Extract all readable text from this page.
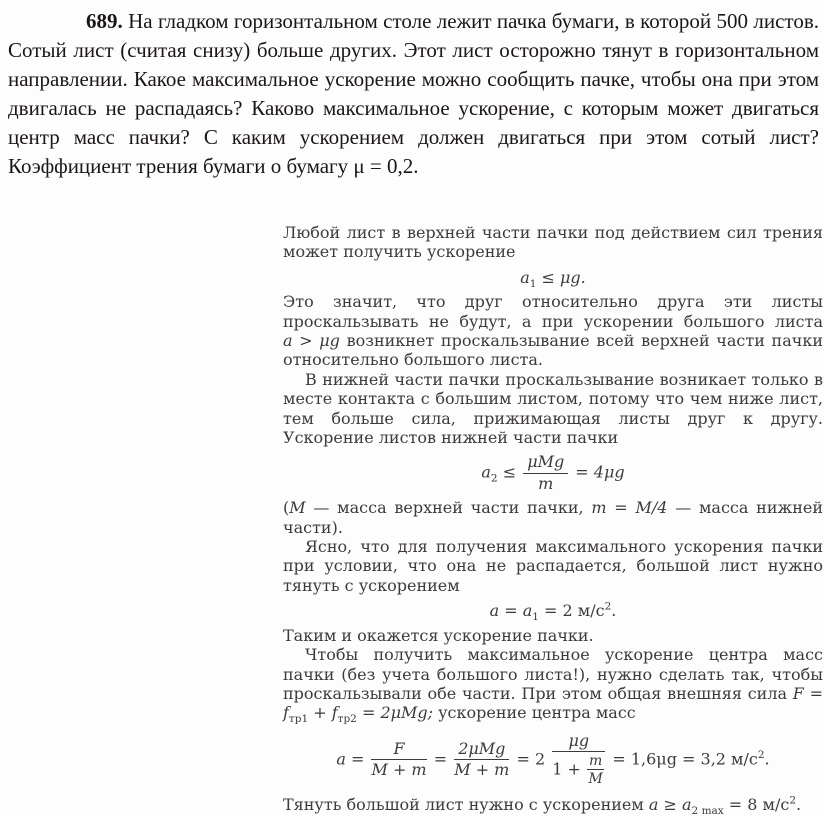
689. На гладком горизонтальном столе лежит пачка бумаги, в которой 500 листов. Сотый лист (считая снизу) больше других. Этот лист осторожно тянут в горизонтальном направлении. Какое максимальное ускорение можно сообщить пачке, чтобы она при этом двигалась не распадаясь? Каково максимальное ускорение, с которым может двигаться центр масс пачки? С каким ускорением должен двигаться при этом сотый лист? Коэффициент трения бумаги о бумагу μ = 0,2.

Любой лист в верхней части пачки под действием сил трения может получить ускорение

$a_1 \le \mu g$.

Это значит, что друг относительно друга эти листы проскальзывать не будут, а при ускорении большого листа a > μg возникнет проскальзывание всей верхней части пачки относительно большого листа.

В нижней части пачки проскальзывание возникает только в месте контакта с большим листом, потому что чем ниже лист, тем больше сила, прижимающая листы друг к другу. Ускорение листов нижней части пачки

$a_2 \le \frac{\text{μMg}}{m} = 4\mu g$

(M — масса верхней части пачки, m = M/4 — масса нижней части).

Ясно, что для получения максимального ускорения пачки при условии, что она не распадается, большой лист нужно тянуть с ускорением

$a = a_1 = 2$ $м/с^2$.

Таким и окажется ускорение пачки.

Чтобы получить максимальное ускорение центра масс пачки (без учета большого листа!), нужно сделать так, чтобы проскальзывали обе части. При этом общая внешняя сила $F = f_{тр1} + f_{тр2} = 2\mu Mg$; ускорение центра масс

$a = \frac{F}{M + m} = \frac{\text{2μMg}}{M + m} = 2 \frac{\mu g}{1 + \frac{m}{M}} = 1,6\mu g = 3,2$ $м/с^2$.

Тянуть большой лист нужно с ускорением $a \ge a_{2 max} = 8$ $м/с^2$.
